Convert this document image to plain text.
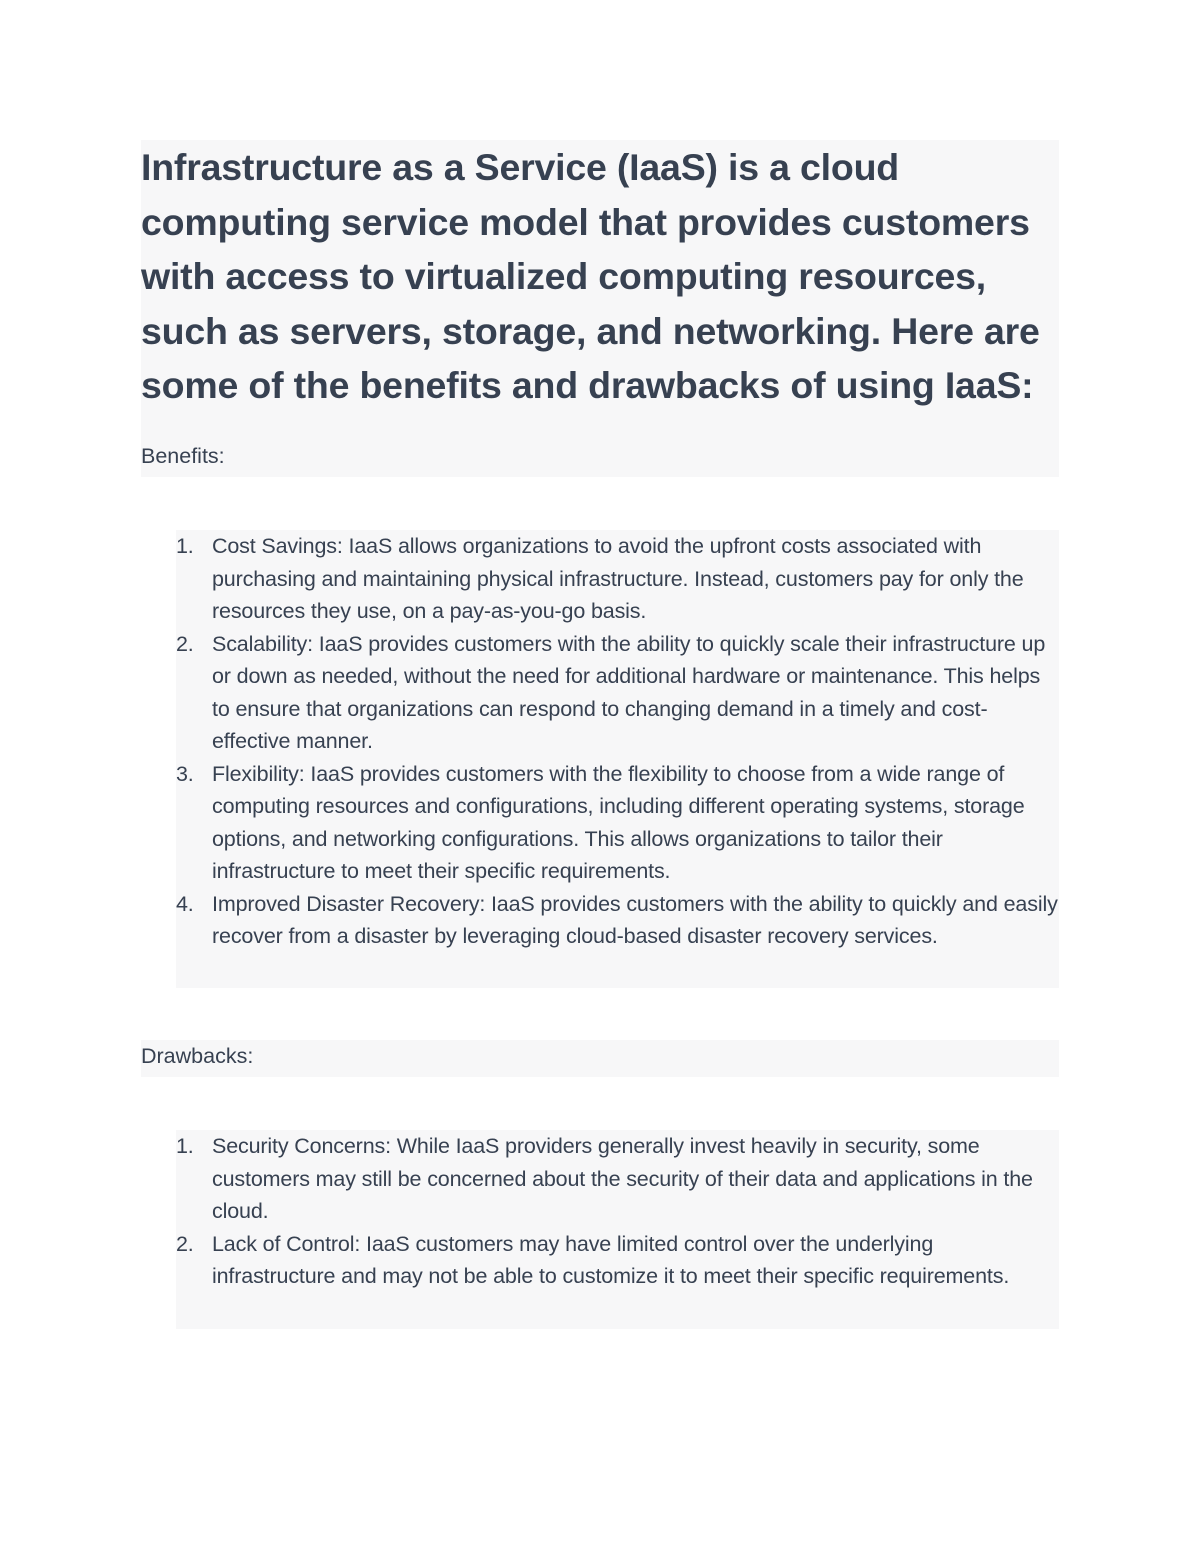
Infrastructure as a Service (IaaS) is a cloud computing service model that provides customers with access to virtualized computing resources, such as servers, storage, and networking. Here are some of the benefits and drawbacks of using IaaS:

Benefits:

1. Cost Savings: IaaS allows organizations to avoid the upfront costs associated with purchasing and maintaining physical infrastructure. Instead, customers pay for only the resources they use, on a pay-as-you-go basis.
2. Scalability: IaaS provides customers with the ability to quickly scale their infrastructure up or down as needed, without the need for additional hardware or maintenance. This helps to ensure that organizations can respond to changing demand in a timely and cost-effective manner.
3. Flexibility: IaaS provides customers with the flexibility to choose from a wide range of computing resources and configurations, including different operating systems, storage options, and networking configurations. This allows organizations to tailor their infrastructure to meet their specific requirements.
4. Improved Disaster Recovery: IaaS provides customers with the ability to quickly and easily recover from a disaster by leveraging cloud-based disaster recovery services.

Drawbacks:

1. Security Concerns: While IaaS providers generally invest heavily in security, some customers may still be concerned about the security of their data and applications in the cloud.
2. Lack of Control: IaaS customers may have limited control over the underlying infrastructure and may not be able to customize it to meet their specific requirements.
